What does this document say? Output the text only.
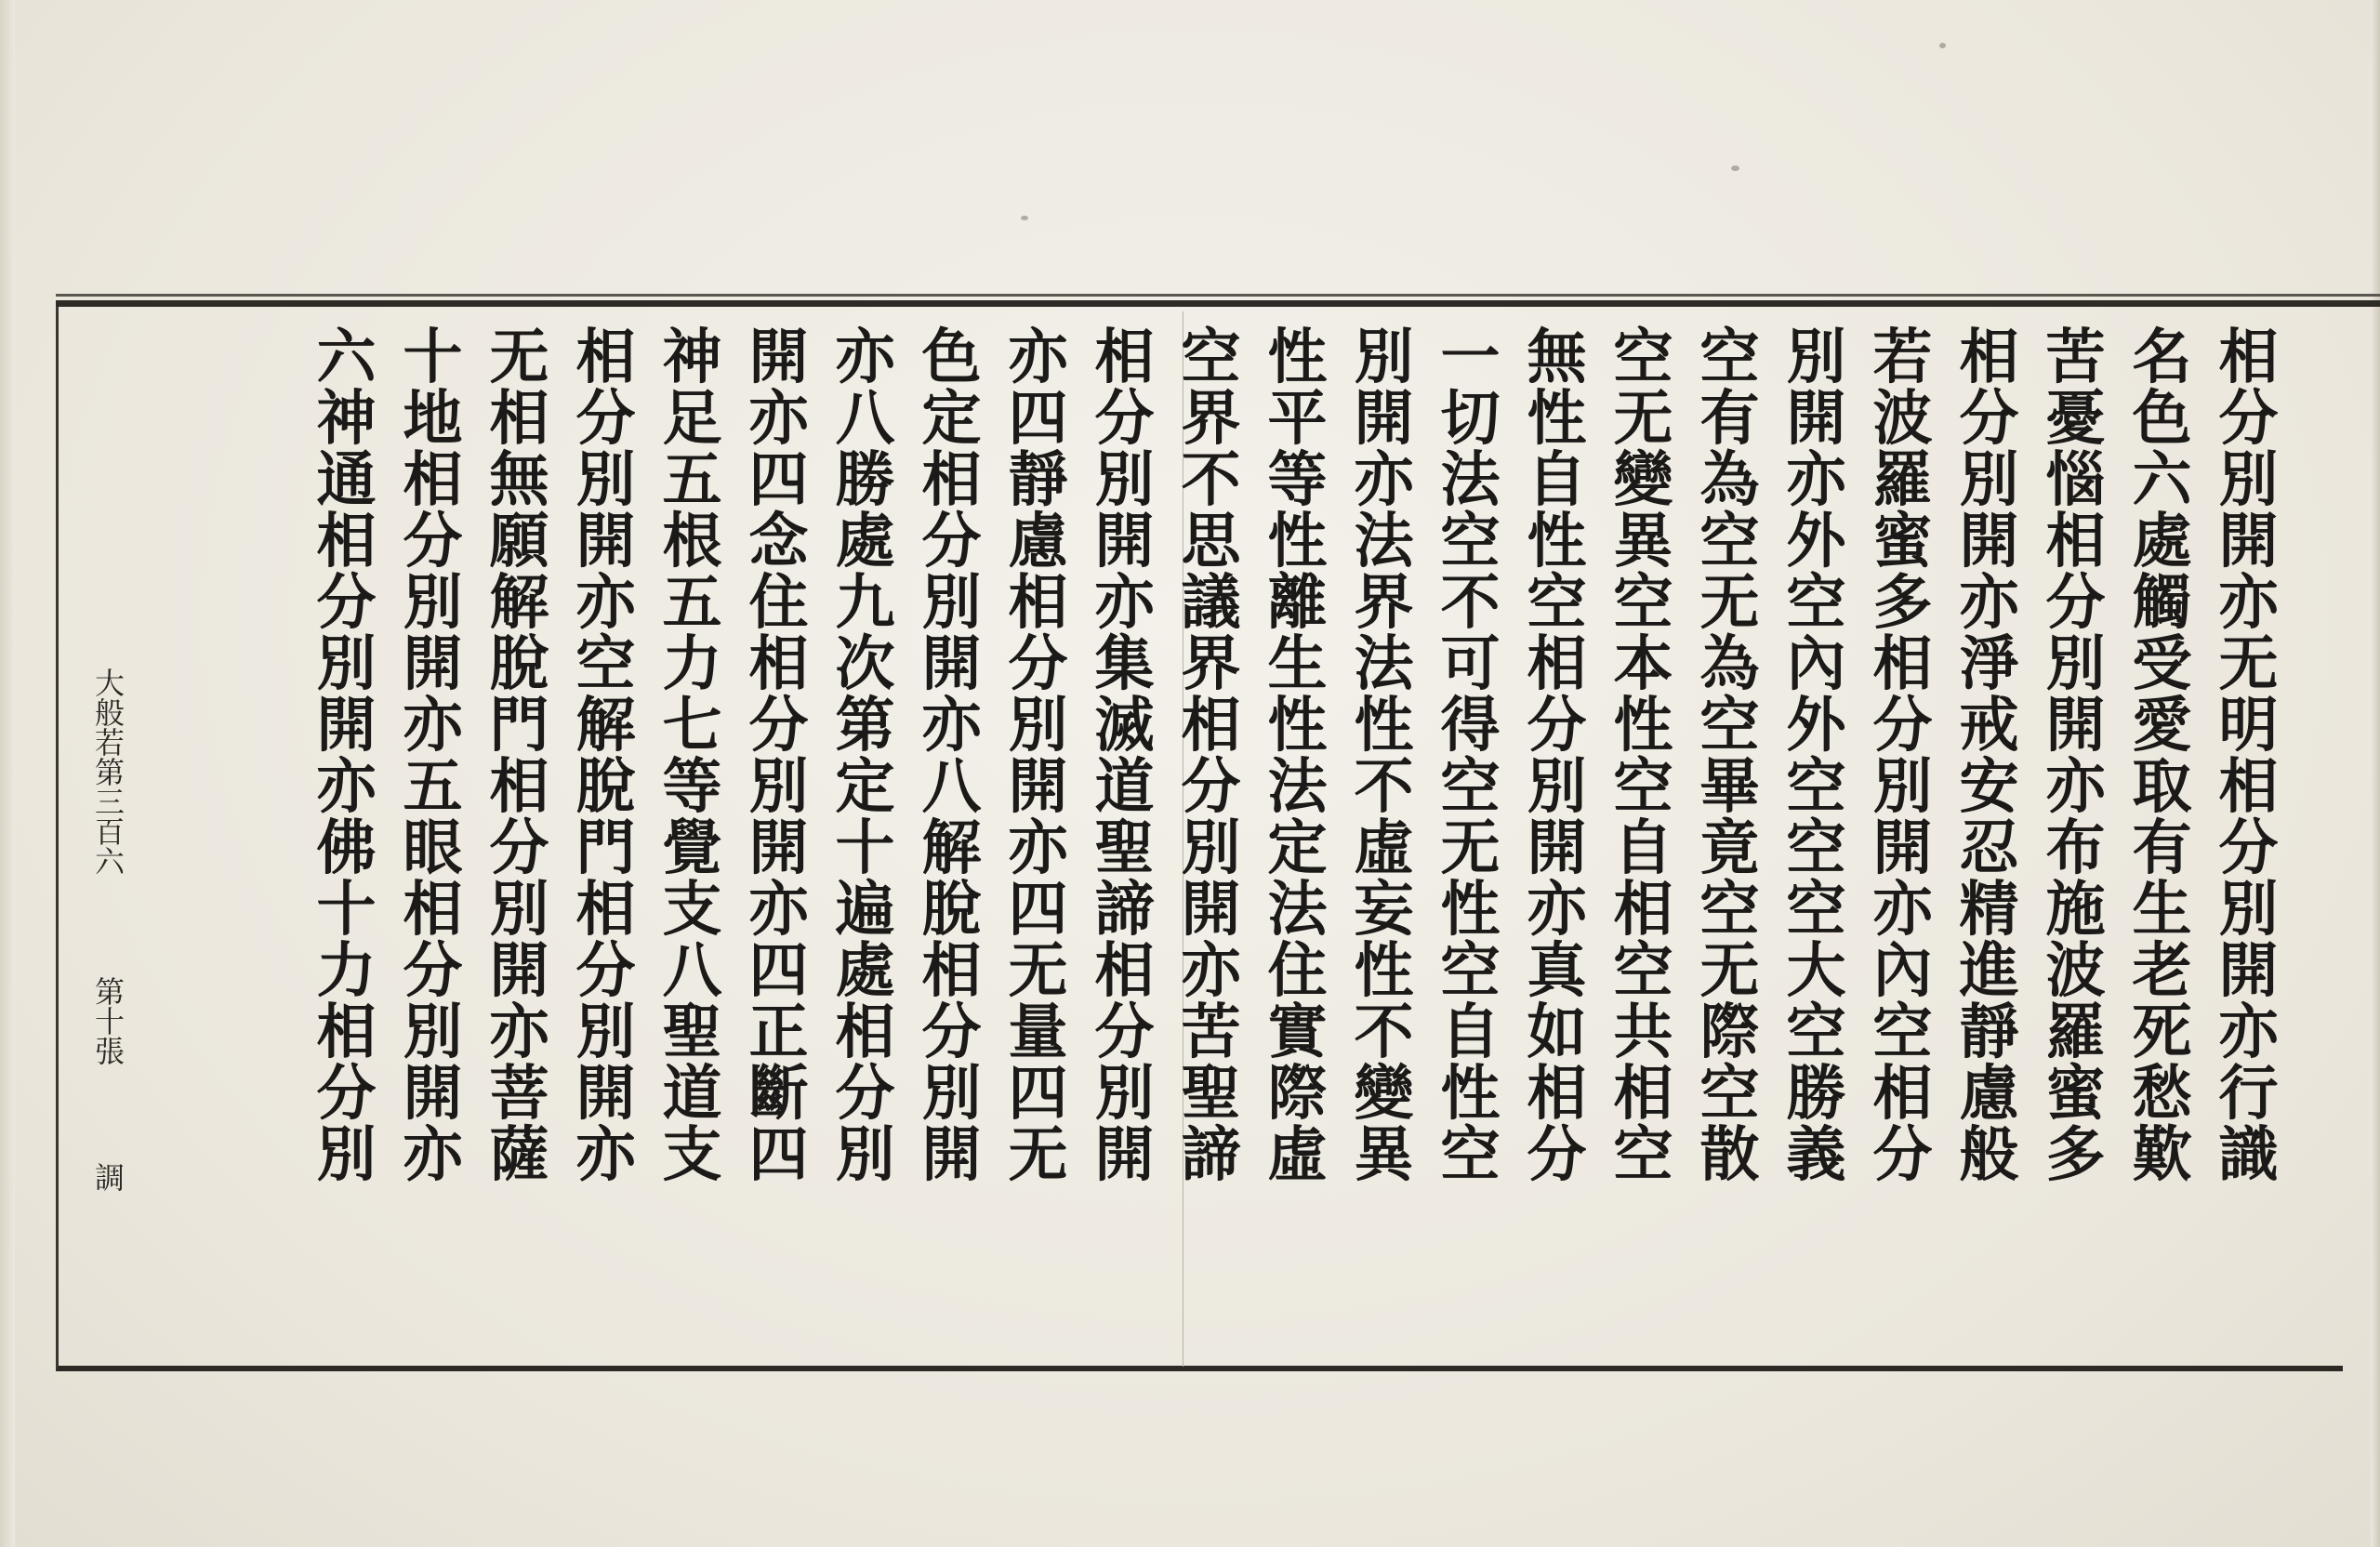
相
分
別
開
亦
无
明
相
分
別
開
亦
行
識
名
色
六
處
觸
受
愛
取
有
生
老
死
愁
歎
苦
憂
惱
相
分
別
開
亦
布
施
波
羅
蜜
多
相
分
別
開
亦
淨
戒
安
忍
精
進
靜
慮
般
若
波
羅
蜜
多
相
分
別
開
亦
內
空
相
分
別
開
亦
外
空
內
外
空
空
空
大
空
勝
義
空
有
為
空
无
為
空
畢
竟
空
无
際
空
散
空
无
變
異
空
本
性
空
自
相
空
共
相
空
無
性
自
性
空
相
分
別
開
亦
真
如
相
分
一
切
法
空
不
可
得
空
无
性
空
自
性
空
別
開
亦
法
界
法
性
不
虛
妄
性
不
變
異
性
平
等
性
離
生
性
法
定
法
住
實
際
虛
空
界
不
思
議
界
相
分
別
開
亦
苦
聖
諦
相
分
別
開
亦
集
滅
道
聖
諦
相
分
別
開
亦
四
靜
慮
相
分
別
開
亦
四
无
量
四
无
色
定
相
分
別
開
亦
八
解
脫
相
分
別
開
亦
八
勝
處
九
次
第
定
十
遍
處
相
分
別
開
亦
四
念
住
相
分
別
開
亦
四
正
斷
四
神
足
五
根
五
力
七
等
覺
支
八
聖
道
支
相
分
別
開
亦
空
解
脫
門
相
分
別
開
亦
无
相
無
願
解
脫
門
相
分
別
開
亦
菩
薩
十
地
相
分
別
開
亦
五
眼
相
分
別
開
亦
六
神
通
相
分
別
開
亦
佛
十
力
相
分
別
大般若第三百六
第十張
調
